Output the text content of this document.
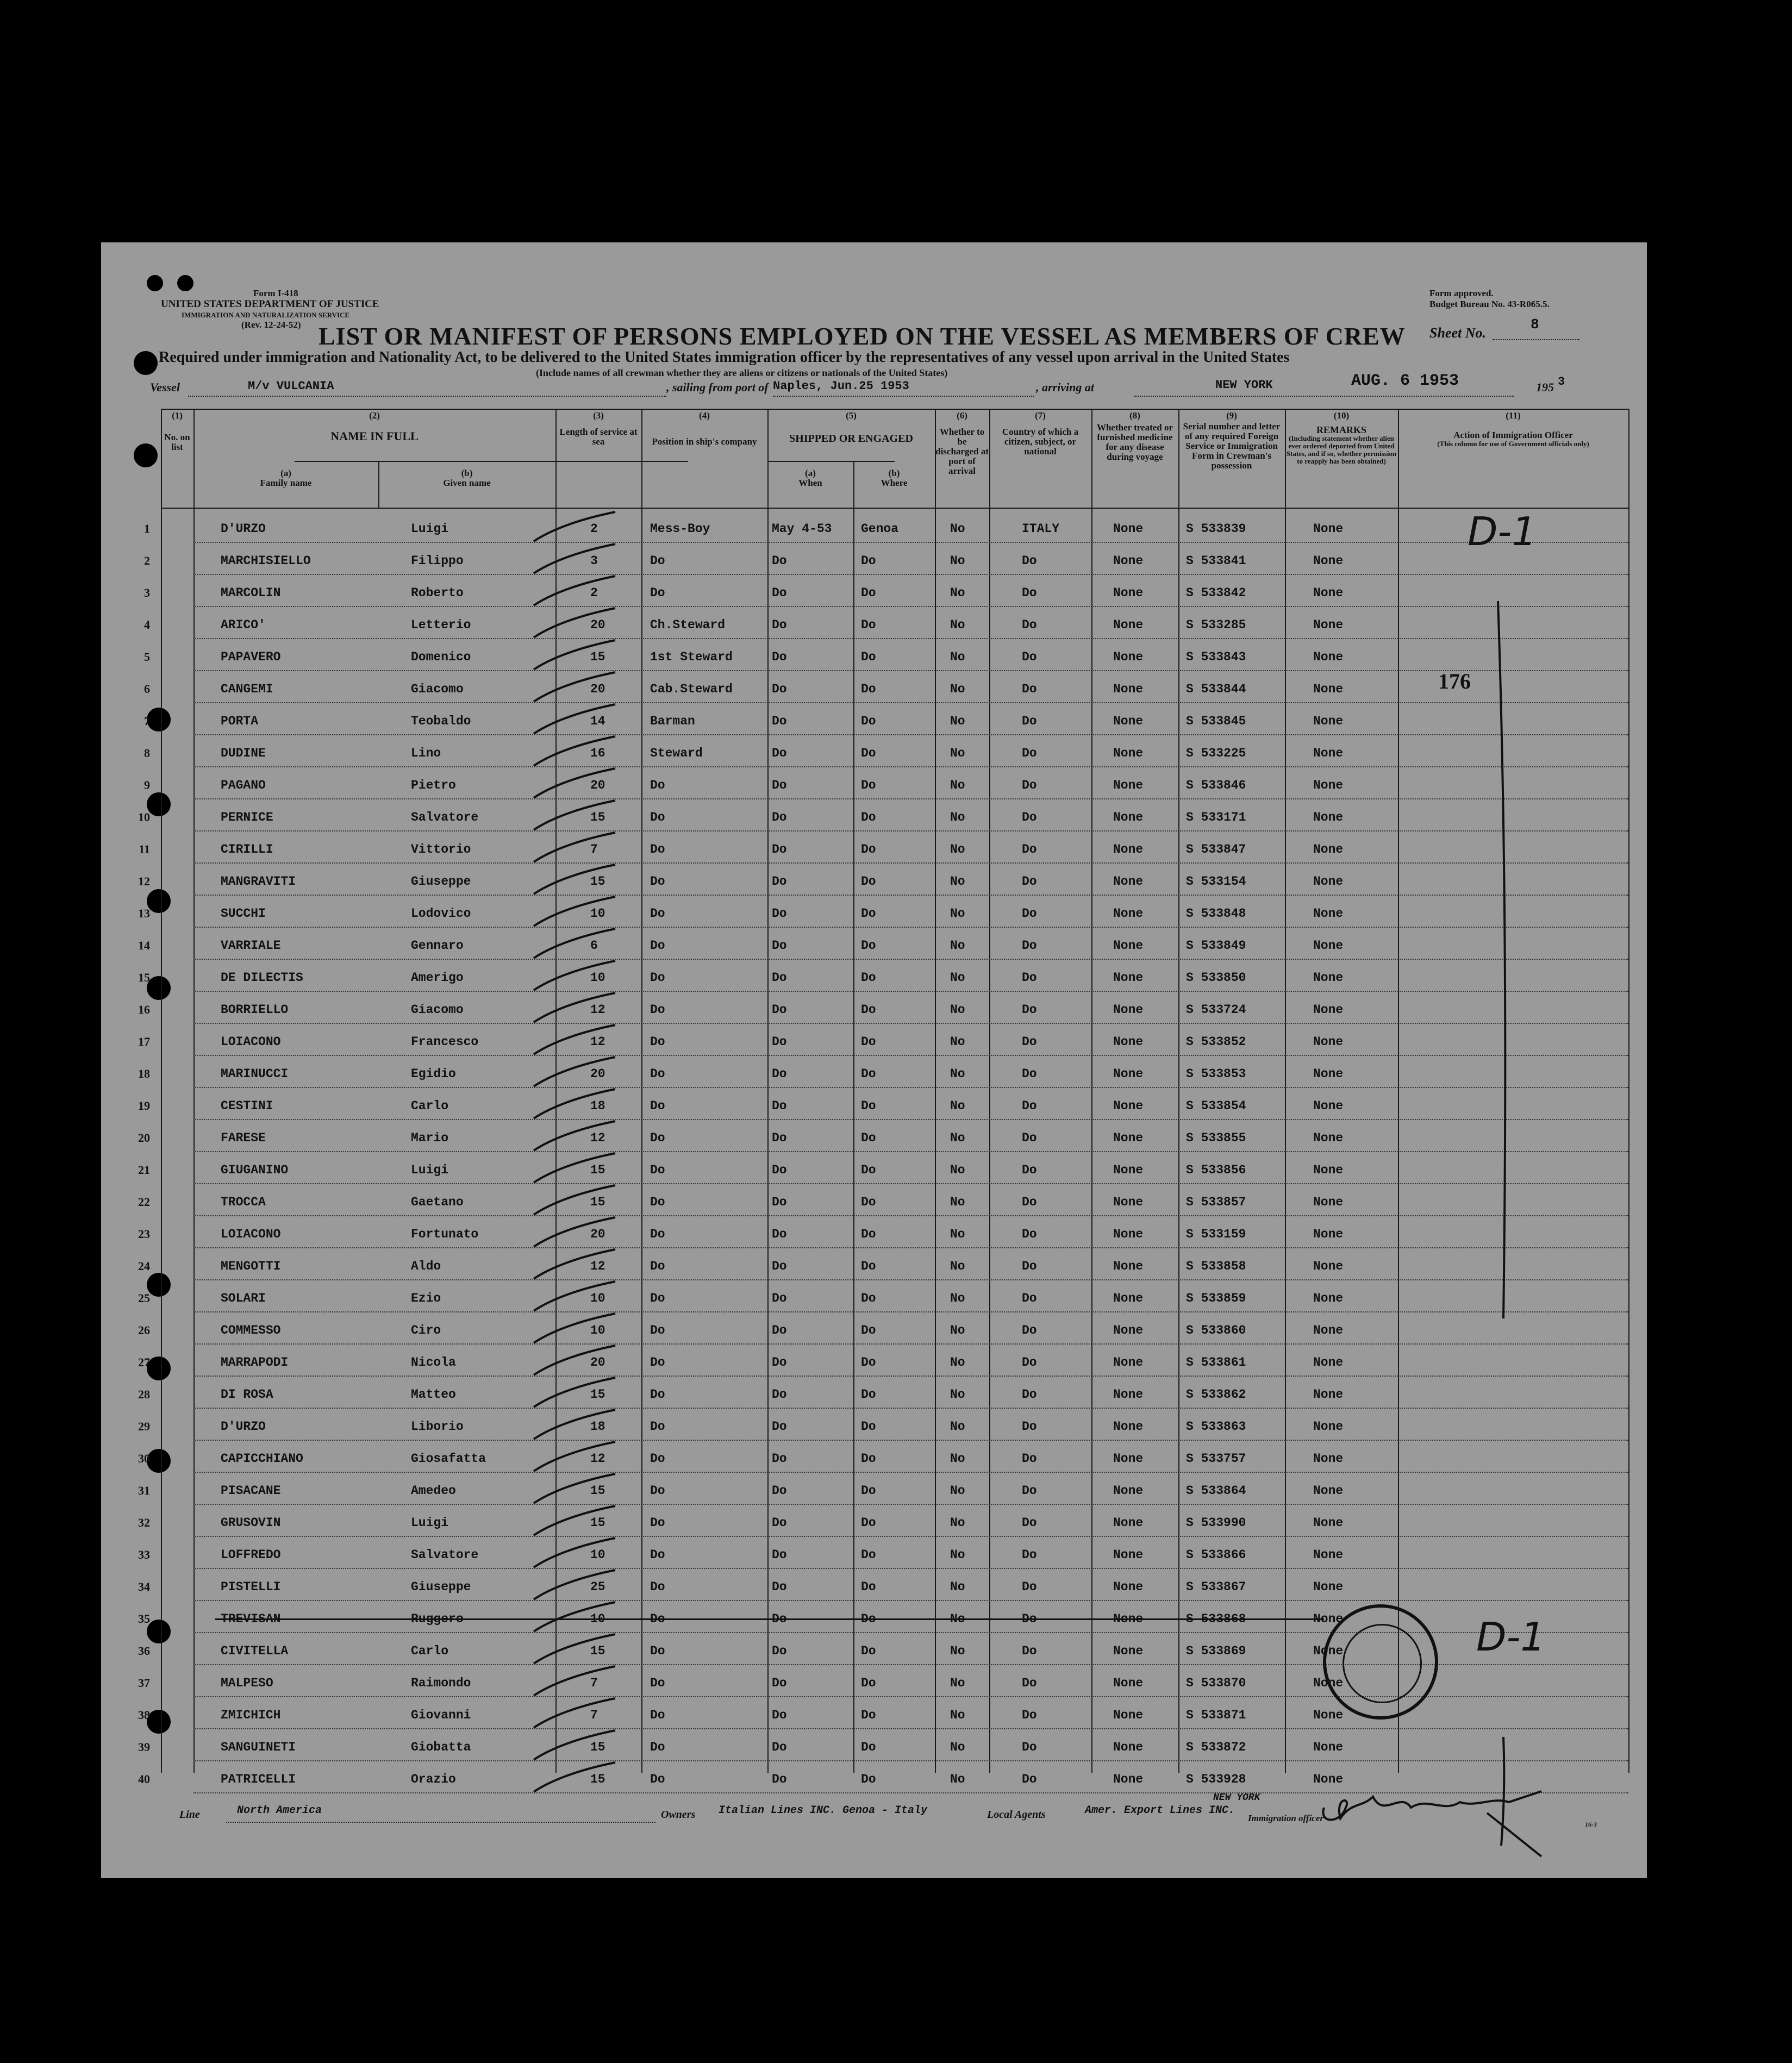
Form I-418
UNITED STATES DEPARTMENT OF JUSTICE
IMMIGRATION AND NATURALIZATION SERVICE
(Rev. 12-24-52)
Form approved.
Budget Bureau No. 43-R065.5.
LIST OR MANIFEST OF PERSONS EMPLOYED ON THE VESSEL AS MEMBERS OF CREW Sheet No.
8
Required under immigration and Nationality Act, to be delivered to the United States immigration officer by the representatives of any vessel upon arrival in the United States
(Include names of all crewman whether they are aliens or citizens or nationals of the United States)
Vessel	M/v VULCANIA	, sailing from port of Naples, Jun.25 1953	, arriving at	NEW YORK	AUG. 6 1953	195 3
(1)
No. on list
(2)
NAME IN FULL
(a)
Family name
(b)
Given name
(3)
Length of service at sea
(4)
Position in ship's company
(5)
SHIPPED OR ENGAGED
(a)
When
(b)
Where
(6)
Whether to be discharged at port of arrival
(7)
Country of which a citizen, subject, or national
(8)
Whether treated or furnished medicine for any disease during voyage
(9)
Serial number and letter of any required Foreign Service or Immigration Form in Crewman's possession
(10)
REMARKS
(Including statement whether alien ever ordered deported from United States, and if so, whether permission to reapply has been obtained)
(11)
Action of Immigration Officer
(This column for use of Government officials only)
1	D'URZO	Luigi	2	Mess-Boy	May 4-53 Genoa	No	ITALY	None	S 533839	None
2	MARCHISIELLO	Filippo	3	Do	Do	Do	No	Do	None	S 533841	None
3	MARCOLIN	Roberto	2	Do	Do	Do	No	Do	None	S 533842	None
4	ARICO'	Letterio	20	Ch.Steward	Do	Do	No	Do	None	S 533285	None
5	PAPAVERO	Domenico	15	1st Steward	Do	Do	No	Do	None	S 533843	None
6	CANGEMI	Giacomo	20	Cab.Steward	Do	Do	No	Do	None	S 533844	None
7	PORTA	Teobaldo	14	Barman	Do	Do	No	Do	None	S 533845	None
8	DUDINE	Lino	16	Steward	Do	Do	No	Do	None	S 533225	None
9	PAGANO	Pietro	20	Do	Do	Do	No	Do	None	S 533846	None
10	PERNICE	Salvatore	15	Do	Do	Do	No	Do	None	S 533171	None
11	CIRILLI	Vittorio	7	Do	Do	Do	No	Do	None	S 533847	None
12	MANGRAVITI	Giuseppe	15	Do	Do	Do	No	Do	None	S 533154	None
13	SUCCHI	Lodovico	10	Do	Do	Do	No	Do	None	S 533848	None
14	VARRIALE	Gennaro	6	Do	Do	Do	No	Do	None	S 533849	None
15	DE DILECTIS	Amerigo	10	Do	Do	Do	No	Do	None	S 533850	None
16	BORRIELLO	Giacomo	12	Do	Do	Do	No	Do	None	S 533724	None
17	LOIACONO	Francesco	12	Do	Do	Do	No	Do	None	S 533852	None
18	MARINUCCI	Egidio	20	Do	Do	Do	No	Do	None	S 533853	None
19	CESTINI	Carlo	18	Do	Do	Do	No	Do	None	S 533854	None
20	FARESE	Mario	12	Do	Do	Do	No	Do	None	S 533855	None
21	GIUGANINO	Luigi	15	Do	Do	Do	No	Do	None	S 533856	None
22	TROCCA	Gaetano	15	Do	Do	Do	No	Do	None	S 533857	None
23	LOIACONO	Fortunato	20	Do	Do	Do	No	Do	None	S 533159	None
24	MENGOTTI	Aldo	12	Do	Do	Do	No	Do	None	S 533858	None
25	SOLARI	Ezio	10	Do	Do	Do	No	Do	None	S 533859	None
26	COMMESSO	Ciro	10	Do	Do	Do	No	Do	None	S 533860	None
27	MARRAPODI	Nicola	20	Do	Do	Do	No	Do	None	S 533861	None
28	DI ROSA	Matteo	15	Do	Do	Do	No	Do	None	S 533862	None
29	D'URZO	Liborio	18	Do	Do	Do	No	Do	None	S 533863	None
30	CAPICCHIANO	Giosafatta	12	Do	Do	Do	No	Do	None	S 533757	None
31	PISACANE	Amedeo	15	Do	Do	Do	No	Do	None	S 533864	None
32	GRUSOVIN	Luigi	15	Do	Do	Do	No	Do	None	S 533990	None
33	LOFFREDO	Salvatore	10	Do	Do	Do	No	Do	None	S 533866	None
34	PISTELLI	Giuseppe	25	Do	Do	Do	No	Do	None	S 533867	None
35	TREVISAN	Ruggero	10	Do	Do	Do	No	Do	None	S 533868	None
36	CIVITELLA	Carlo	15	Do	Do	Do	No	Do	None	S 533869	None
37	MALPESO	Raimondo	7	Do	Do	Do	No	Do	None	S 533870	None
38	ZMICHICH	Giovanni	7	Do	Do	Do	No	Do	None	S 533871	None
39	SANGUINETI	Giobatta	15	Do	Do	Do	No	Do	None	S 533872	None
40	PATRICELLI	Orazio	15	Do	Do	Do	No	Do	None	S 533928	None
D-1
176
D-1
Line	North America	Owners Italian Lines INC. Genoa - Italy	Local Agents	Amer. Export Lines INC.
NEW YORK
Immigration officer
16-3
